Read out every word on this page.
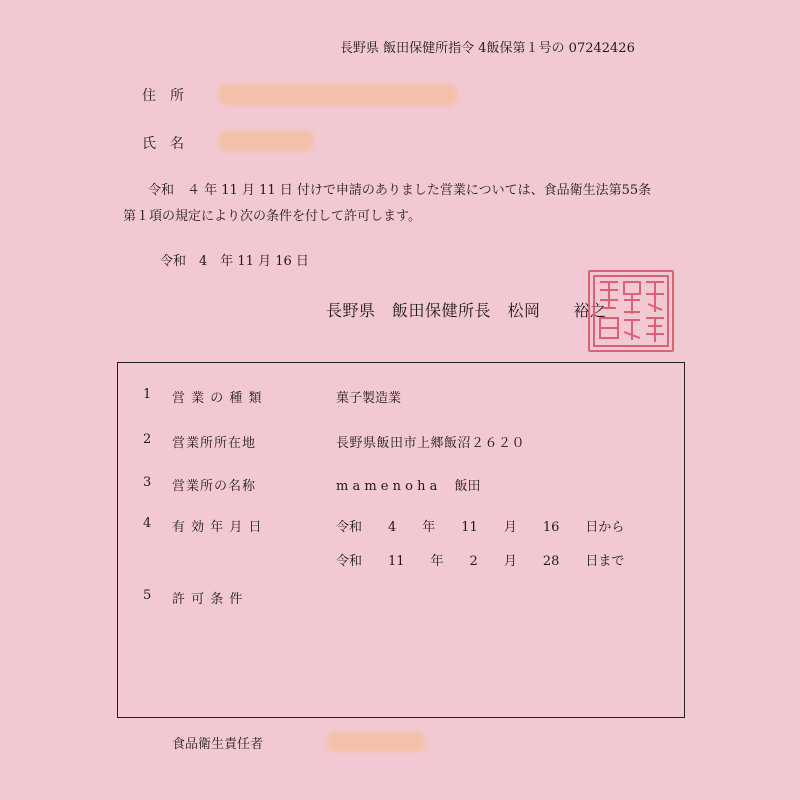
長野県 飯田保健所指令 4飯保第１号の 07242426
住　所
氏　名
令和　４ 年 11 月 11 日 付けで申請のありました営業については、食品衛生法第55条
第１項の規定により次の条件を付して許可します。
令和　4　年 11 月 16 日
長野県　飯田保健所長　松岡　　裕之
1 営 業 の 種 類	菓子製造業
2 営業所所在地	長野県飯田市上郷飯沼２６２０
3 営業所の名称	m a m e n o h a　 飯田
4 有 効 年 月 日	令和　　4　　年　　11　　月　　16　　日から
令和　　11　　年　　2　　月　　28　　日まで
5 許 可 条 件
食品衛生責任者
